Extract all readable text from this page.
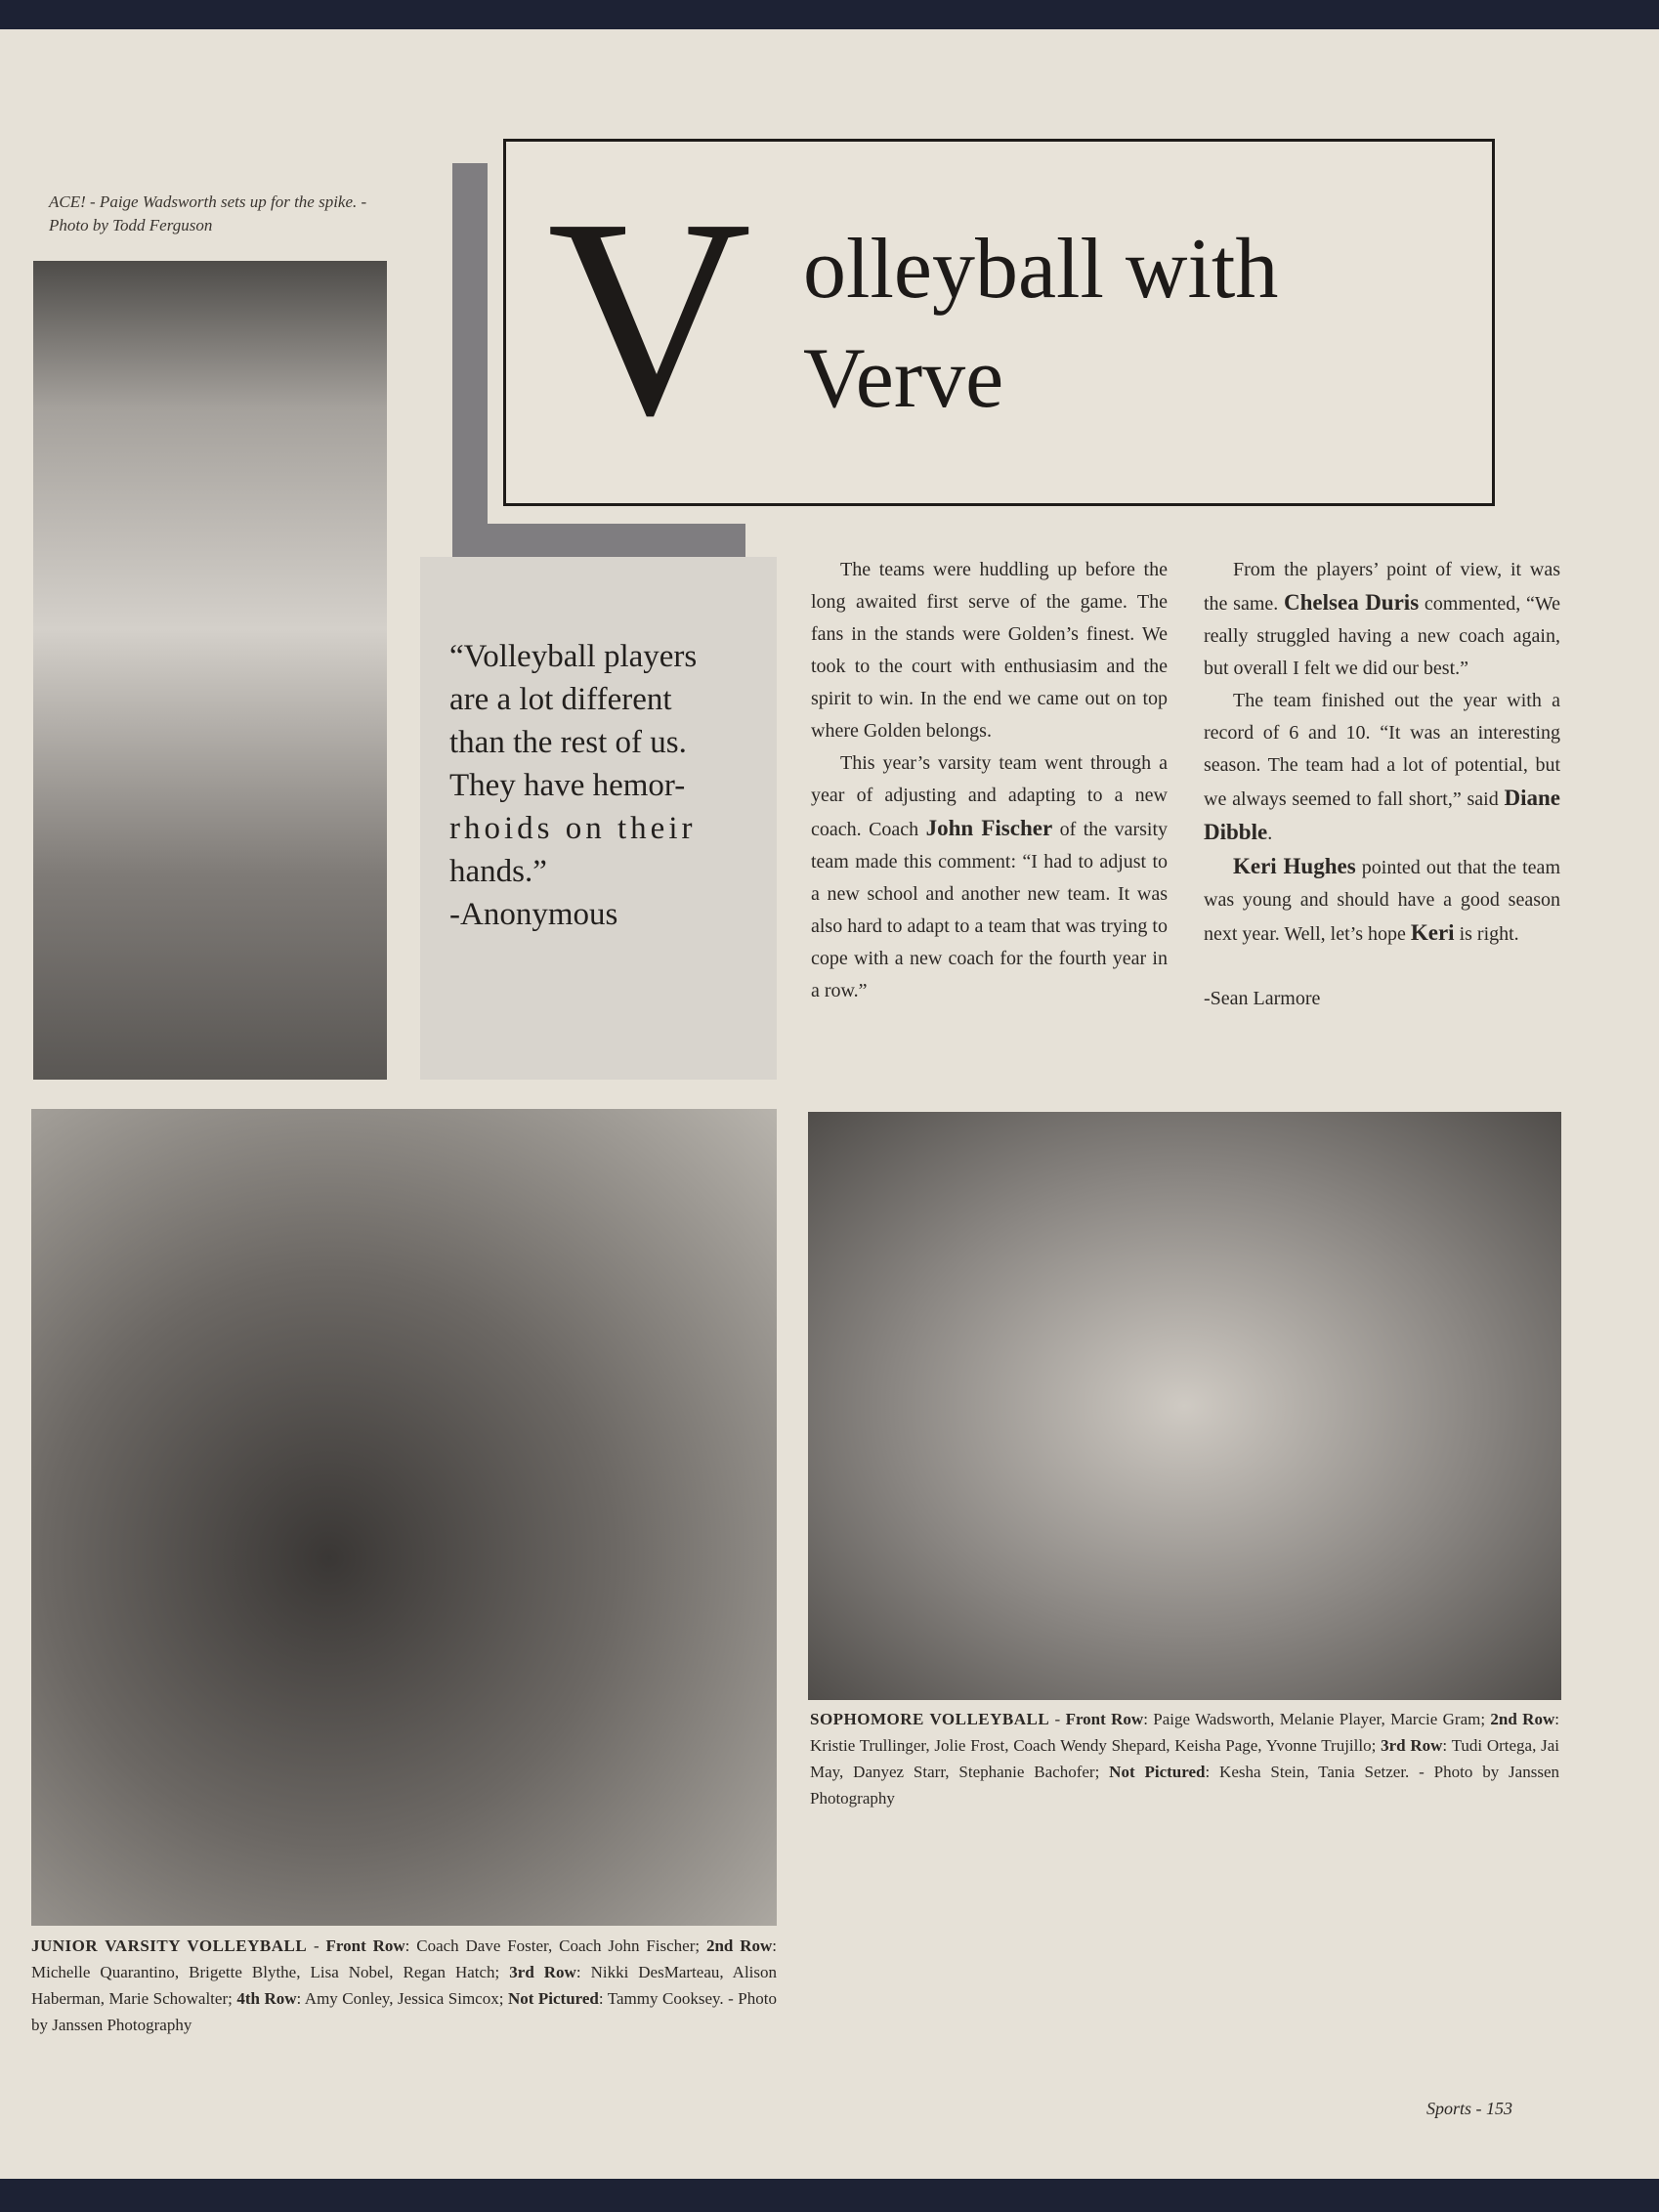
ACE! - Paige Wadsworth sets up for the spike. - Photo by Todd Ferguson	V olleyball with
Verve
“Volleyball players
are a lot different
than the rest of us.
They have hemor-
rhoids on their
hands.”
-Anonymous

The teams were huddling up before the long awaited first serve of the game. The fans in the stands were Golden’s finest. We took to the court with enthusiasim and the spirit to win. In the end we came out on top where Golden belongs.

This year’s varsity team went through a year of adjusting and adapting to a new coach. Coach John Fischer of the varsity team made this comment: “I had to adjust to a new school and another new team. It was also hard to adapt to a team that was trying to cope with a new coach for the fourth year in a row.”

From the players’ point of view, it was the same. Chelsea Duris commented, “We really struggled having a new coach again, but overall I felt we did our best.”

The team finished out the year with a record of 6 and 10. “It was an interesting season. The team had a lot of potential, but we always seemed to fall short,” said Diane Dibble.

Keri Hughes pointed out that the team was young and should have a good season next year. Well, let’s hope Keri is right.

-Sean Larmore

JUNIOR VARSITY VOLLEYBALL - Front Row: Coach Dave Foster, Coach John Fischer; 2nd Row: Michelle Quarantino, Brigette Blythe, Lisa Nobel, Regan Hatch; 3rd Row: Nikki DesMarteau, Alison Haberman, Marie Schowalter; 4th Row: Amy Conley, Jessica Simcox; Not Pictured: Tammy Cooksey. - Photo by Janssen Photography
SOPHOMORE VOLLEYBALL - Front Row: Paige Wadsworth, Melanie Player, Marcie Gram; 2nd Row: Kristie Trullinger, Jolie Frost, Coach Wendy Shepard, Keisha Page, Yvonne Trujillo; 3rd Row: Tudi Ortega, Jai May, Danyez Starr, Stephanie Bachofer; Not Pictured: Kesha Stein, Tania Setzer. - Photo by Janssen Photography
Sports - 153
